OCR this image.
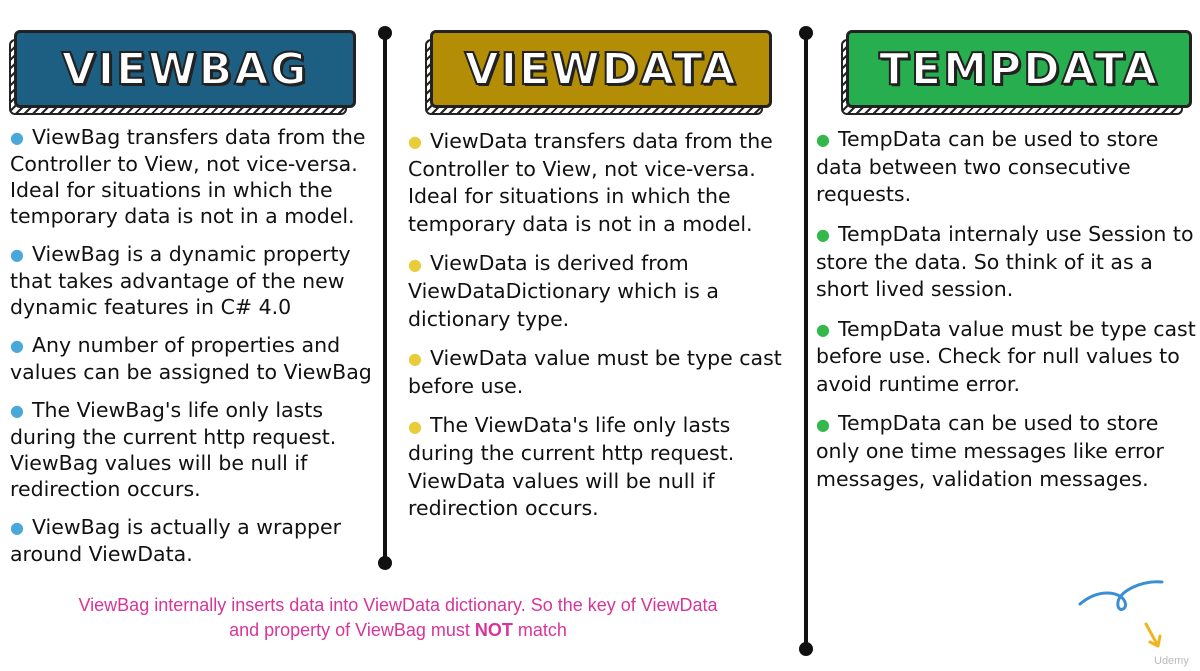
VIEWBAG	VIEWDATA	TEMPDATA

● ViewBag transfers data from the Controller to View, not vice-versa. Ideal for situations in which the temporary data is not in a model.

● ViewBag is a dynamic property that takes advantage of the new dynamic features in C# 4.0

● Any number of properties and values can be assigned to ViewBag

● The ViewBag's life only lasts during the current http request. ViewBag values will be null if redirection occurs.

● ViewBag is actually a wrapper around ViewData.

● ViewData transfers data from the Controller to View, not vice-versa. Ideal for situations in which the temporary data is not in a model.

● ViewData is derived from ViewDataDictionary which is a dictionary type.

● ViewData value must be type cast before use.

● The ViewData's life only lasts during the current http request. ViewData values will be null if redirection occurs.

● TempData can be used to store data between two consecutive requests.

● TempData internaly use Session to store the data. So think of it as a short lived session.

● TempData value must be type cast before use. Check for null values to avoid runtime error.

● TempData can be used to store only one time messages like error messages, validation messages.

ViewBag internally inserts data into ViewData dictionary. So the key of ViewData
and property of ViewBag must NOT match
Udemy
